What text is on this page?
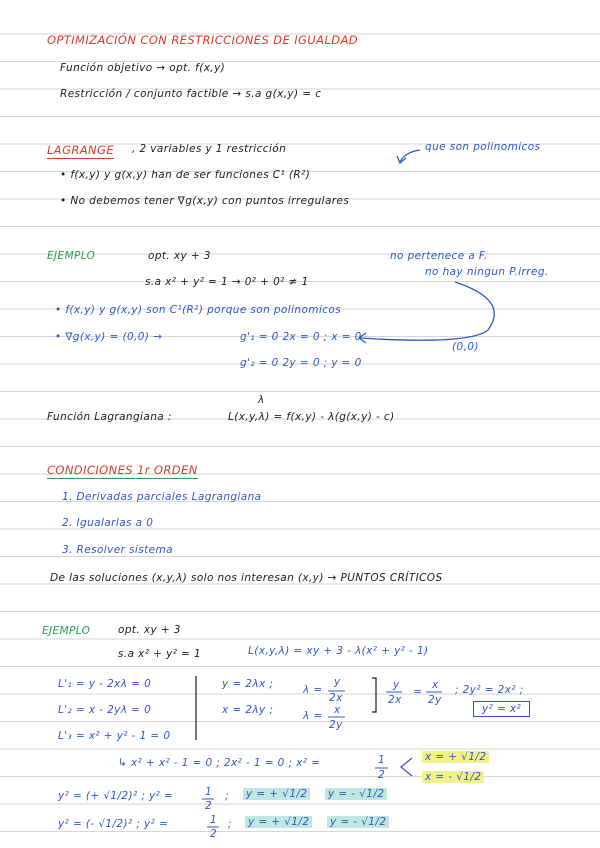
OPTIMIZACIÓN CON RESTRICCIONES DE IGUALDAD
Función objetivo → opt. f(x,y)
Restricción / conjunto factible → s.a g(x,y) = c
LAGRANGE , 2 variables y 1 restricción	que son polinomicos
• f(x,y) y g(x,y) han de ser funciones C¹ (R²)
• No debemos tener ∇g(x,y) con puntos irregulares
EJEMPLO	opt. xy + 3
s.a x² + y² = 1 → 0² + 0² ≠ 1
no pertenece a F.
no hay ningun P.irreg.
• f(x,y) y g(x,y) son C¹(R²) porque son polinomicos
• ∇g(x,y) = (0,0) →	g'₁ = 0 2x = 0 ; x = 0
g'₂ = 0 2y = 0 ; y = 0
(0,0)
λ
Función Lagrangiana :	L(x,y,λ) = f(x,y) - λ(g(x,y) - c)
CONDICIONES 1r ORDEN
1. Derivadas parciales Lagrangiana
2. Igualarlas a 0
3. Resolver sistema
De las soluciones (x,y,λ) solo nos interesan (x,y) → PUNTOS CRÍTICOS
EJEMPLO	opt. xy + 3
s.a x² + y² = 1	L(x,y,λ) = xy + 3 - λ(x² + y² - 1)
L'₁ = y - 2xλ = 0
L'₂ = x - 2yλ = 0
L'₃ = x² + y² - 1 = 0
y = 2λx ;
x = 2λy ;
λ =
y
2x
λ = x
2y
y
2x
=
x
2y
; 2y² = 2x² ;
y² = x²
↳ x² + x² - 1 = 0 ; 2x² - 1 = 0 ; x² =	1
2
x = + √1/2
x = - √1/2
y² = (+ √1/2)² ; y² =	1
2
; y = + √1/2 y = - √1/2
y² = (- √1/2)² ; y² =	1
2
; y = + √1/2 y = - √1/2
